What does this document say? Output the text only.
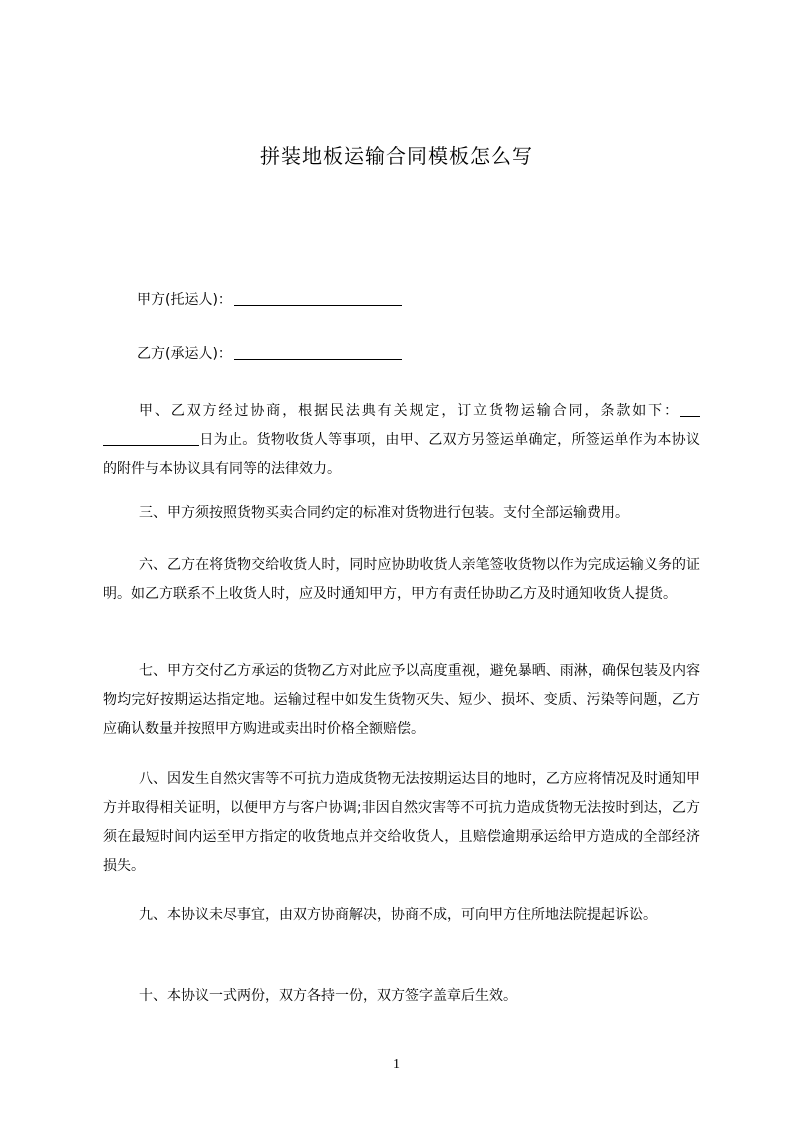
拼装地板运输合同模板怎么写
甲方(托运人)：
乙方(承运人)：
甲、乙双方经过协商，根据民法典有关规定，订立货物运输合同，条款如下：日为止。货物收货人等事项，由甲、乙双方另签运单确定，所签运单作为本协议的附件与本协议具有同等的法律效力。
三、甲方须按照货物买卖合同约定的标准对货物进行包装。支付全部运输费用。
六、乙方在将货物交给收货人时，同时应协助收货人亲笔签收货物以作为完成运输义务的证明。如乙方联系不上收货人时，应及时通知甲方，甲方有责任协助乙方及时通知收货人提货。
七、甲方交付乙方承运的货物乙方对此应予以高度重视，避免暴晒、雨淋，确保包装及内容物均完好按期运达指定地。运输过程中如发生货物灭失、短少、损坏、变质、污染等问题，乙方应确认数量并按照甲方购进或卖出时价格全额赔偿。
八、因发生自然灾害等不可抗力造成货物无法按期运达目的地时，乙方应将情况及时通知甲方并取得相关证明，以便甲方与客户协调;非因自然灾害等不可抗力造成货物无法按时到达，乙方须在最短时间内运至甲方指定的收货地点并交给收货人，且赔偿逾期承运给甲方造成的全部经济损失。
九、本协议未尽事宜，由双方协商解决，协商不成，可向甲方住所地法院提起诉讼。
十、本协议一式两份，双方各持一份，双方签字盖章后生效。
1
